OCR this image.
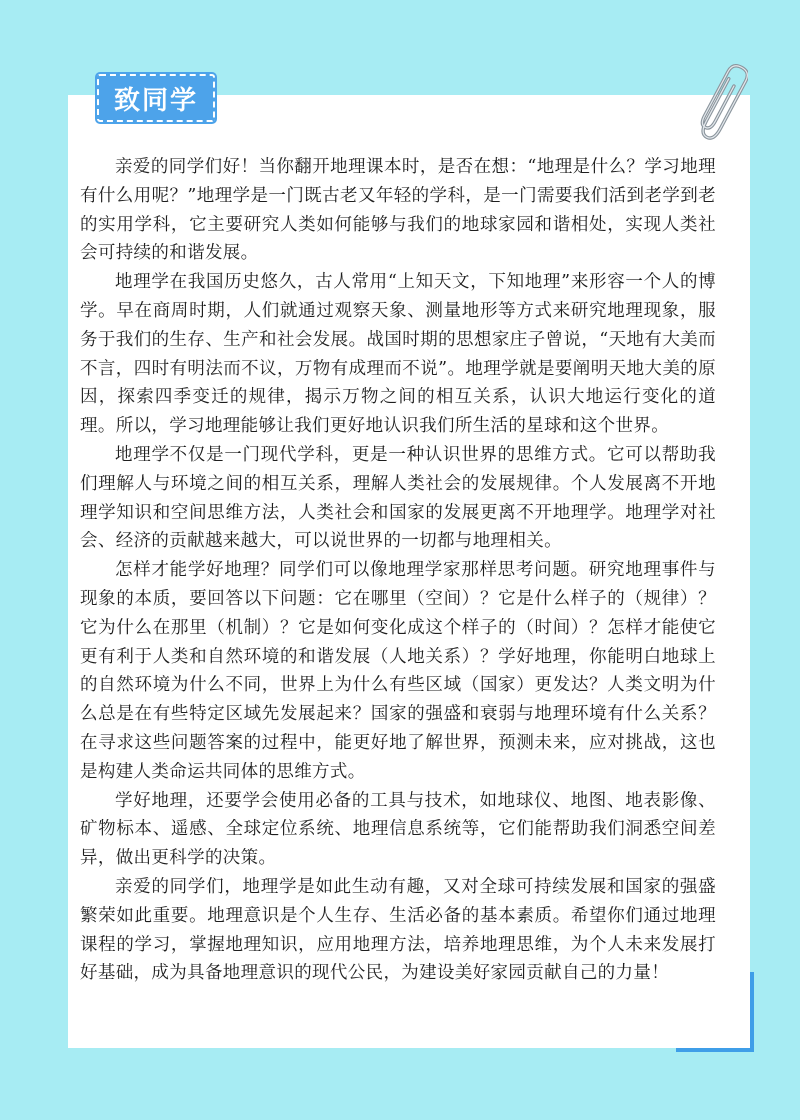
致同学

亲爱的同学们好！当你翻开地理课本时，是否在想：“地理是什么？学习地理有什么用呢？”地理学是一门既古老又年轻的学科，是一门需要我们活到老学到老的实用学科，它主要研究人类如何能够与我们的地球家园和谐相处，实现人类社会可持续的和谐发展。

地理学在我国历史悠久，古人常用“上知天文，下知地理”来形容一个人的博学。早在商周时期，人们就通过观察天象、测量地形等方式来研究地理现象，服务于我们的生存、生产和社会发展。战国时期的思想家庄子曾说，“天地有大美而不言，四时有明法而不议，万物有成理而不说”。地理学就是要阐明天地大美的原因，探索四季变迁的规律，揭示万物之间的相互关系，认识大地运行变化的道理。所以，学习地理能够让我们更好地认识我们所生活的星球和这个世界。

地理学不仅是一门现代学科，更是一种认识世界的思维方式。它可以帮助我们理解人与环境之间的相互关系，理解人类社会的发展规律。个人发展离不开地理学知识和空间思维方法，人类社会和国家的发展更离不开地理学。地理学对社会、经济的贡献越来越大，可以说世界的一切都与地理相关。

怎样才能学好地理？同学们可以像地理学家那样思考问题。研究地理事件与现象的本质，要回答以下问题：它在哪里（空间）？它是什么样子的（规律）？它为什么在那里（机制）？它是如何变化成这个样子的（时间）？怎样才能使它更有利于人类和自然环境的和谐发展（人地关系）？学好地理，你能明白地球上的自然环境为什么不同，世界上为什么有些区域（国家）更发达？人类文明为什么总是在有些特定区域先发展起来？国家的强盛和衰弱与地理环境有什么关系？在寻求这些问题答案的过程中，能更好地了解世界，预测未来，应对挑战，这也是构建人类命运共同体的思维方式。

学好地理，还要学会使用必备的工具与技术，如地球仪、地图、地表影像、矿物标本、遥感、全球定位系统、地理信息系统等，它们能帮助我们洞悉空间差异，做出更科学的决策。

亲爱的同学们，地理学是如此生动有趣，又对全球可持续发展和国家的强盛繁荣如此重要。地理意识是个人生存、生活必备的基本素质。希望你们通过地理课程的学习，掌握地理知识，应用地理方法，培养地理思维，为个人未来发展打好基础，成为具备地理意识的现代公民，为建设美好家园贡献自己的力量！
